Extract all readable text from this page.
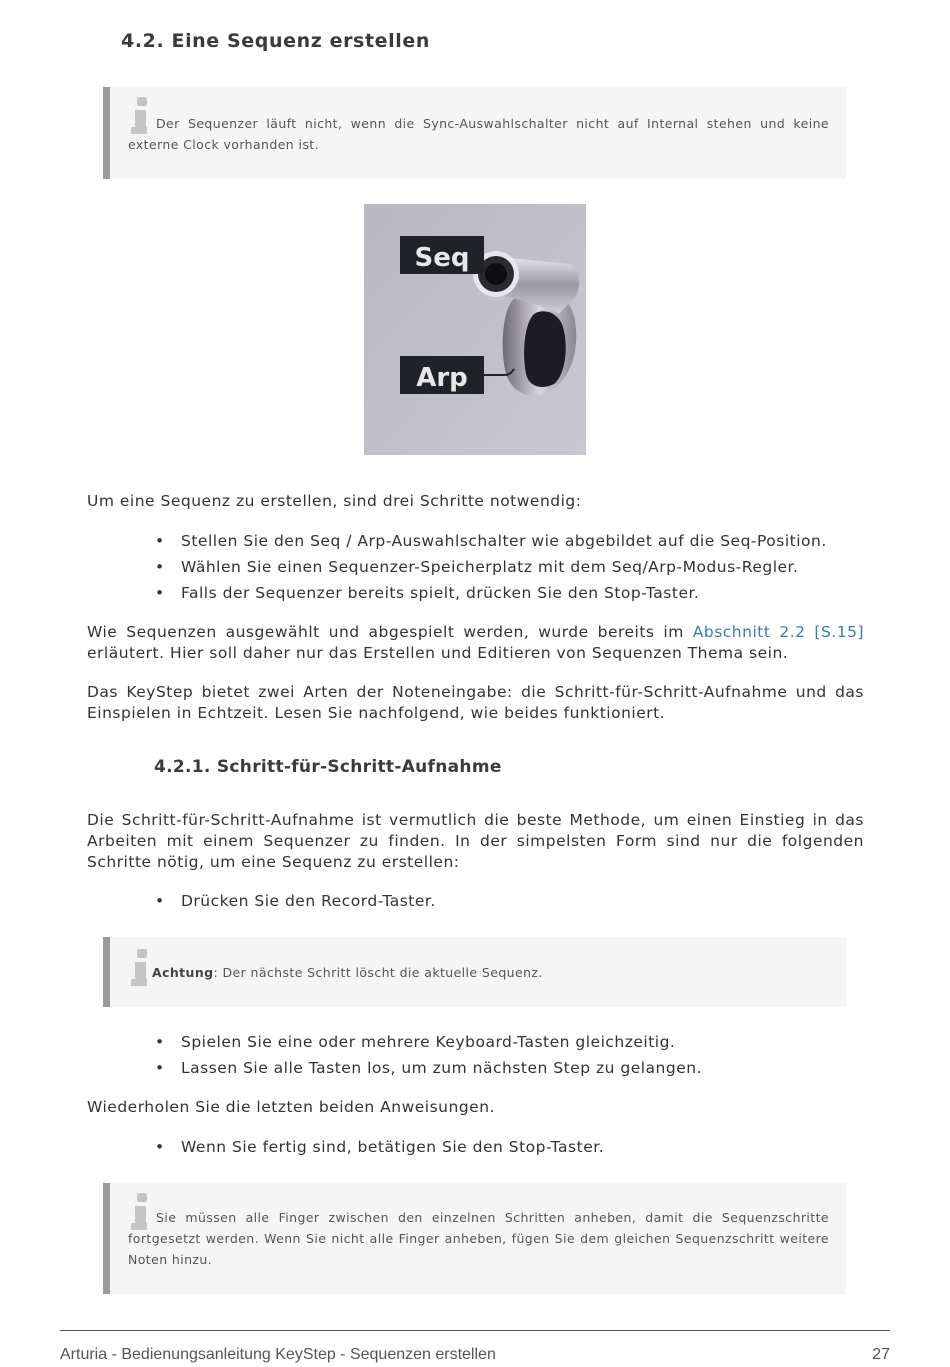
4.2. Eine Sequenz erstellen

Der Sequenzer läuft nicht, wenn die Sync-Auswahlschalter nicht auf Internal stehen und keine externe Clock vorhanden ist.

Seq
Arp

Um eine Sequenz zu erstellen, sind drei Schritte notwendig:

• Stellen Sie den Seq / Arp-Auswahlschalter wie abgebildet auf die Seq-Position.
• Wählen Sie einen Sequenzer-Speicherplatz mit dem Seq/Arp-Modus-Regler.
• Falls der Sequenzer bereits spielt, drücken Sie den Stop-Taster.

Wie Sequenzen ausgewählt und abgespielt werden, wurde bereits im Abschnitt 2.2 [S.15] erläutert. Hier soll daher nur das Erstellen und Editieren von Sequenzen Thema sein.

Das KeyStep bietet zwei Arten der Noteneingabe: die Schritt-für-Schritt-Aufnahme und das Einspielen in Echtzeit. Lesen Sie nachfolgend, wie beides funktioniert.

4.2.1. Schritt-für-Schritt-Aufnahme

Die Schritt-für-Schritt-Aufnahme ist vermutlich die beste Methode, um einen Einstieg in das Arbeiten mit einem Sequenzer zu finden. In der simpelsten Form sind nur die folgenden Schritte nötig, um eine Sequenz zu erstellen:

• Drücken Sie den Record-Taster.

Achtung: Der nächste Schritt löscht die aktuelle Sequenz.

• Spielen Sie eine oder mehrere Keyboard-Tasten gleichzeitig.
• Lassen Sie alle Tasten los, um zum nächsten Step zu gelangen.

Wiederholen Sie die letzten beiden Anweisungen.

• Wenn Sie fertig sind, betätigen Sie den Stop-Taster.

Sie müssen alle Finger zwischen den einzelnen Schritten anheben, damit die Sequenzschritte fortgesetzt werden. Wenn Sie nicht alle Finger anheben, fügen Sie dem gleichen Sequenzschritt weitere Noten hinzu.

Arturia - Bedienungsanleitung KeyStep - Sequenzen erstellen	27
